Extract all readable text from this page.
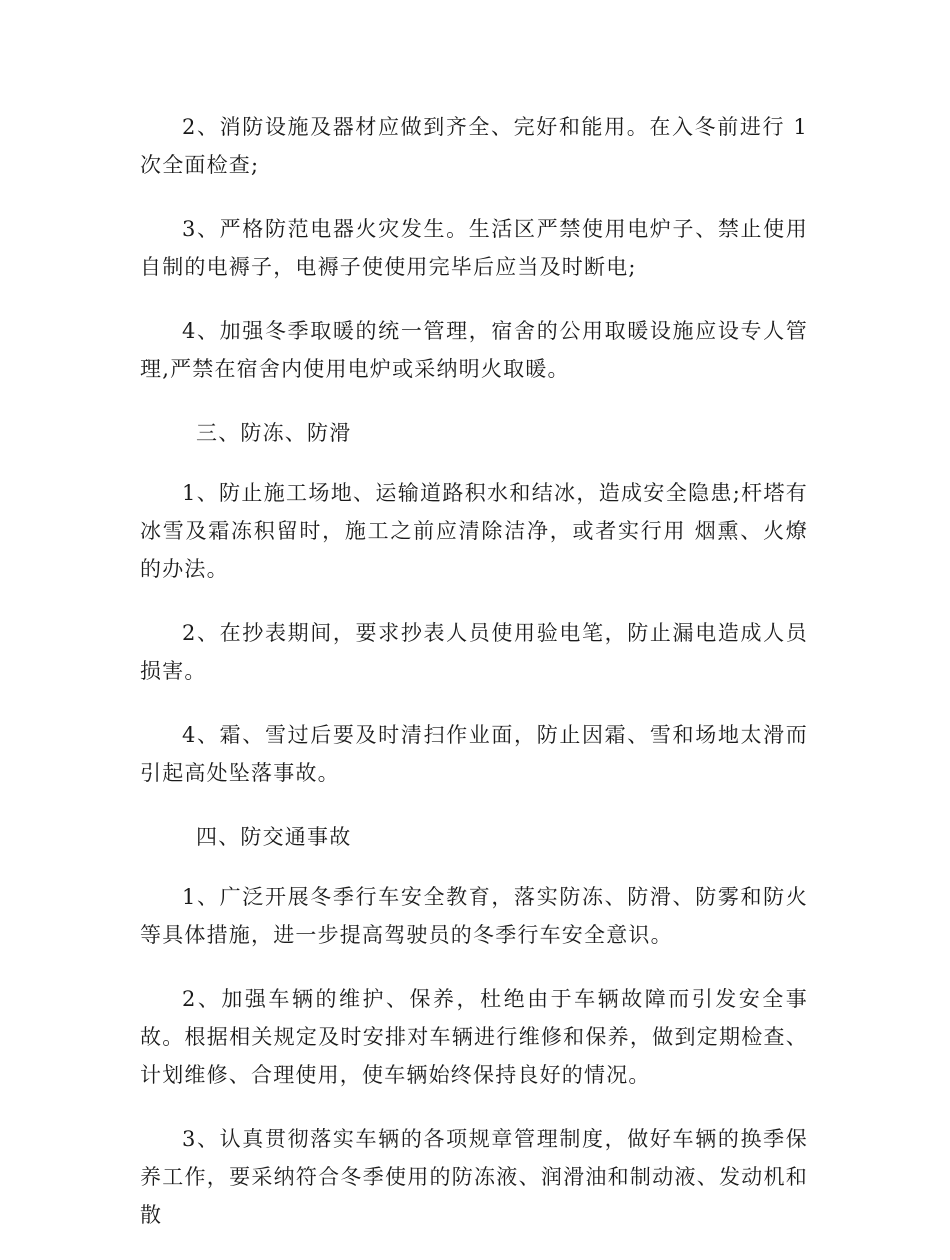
2、消防设施及器材应做到齐全、完好和能用。在入冬前进行 1 次全面检查;

3、严格防范电器火灾发生。生活区严禁使用电炉子、禁止使用自制的电褥子，电褥子使使用完毕后应当及时断电;

4、加强冬季取暖的统一管理，宿舍的公用取暖设施应设专人管理,严禁在宿舍内使用电炉或采纳明火取暖。

三、防冻、防滑

1、防止施工场地、运输道路积水和结冰，造成安全隐患;杆塔有冰雪及霜冻积留时，施工之前应清除洁净，或者实行用 烟熏、火燎的办法。

2、在抄表期间，要求抄表人员使用验电笔，防止漏电造成人员损害。

4、霜、雪过后要及时清扫作业面，防止因霜、雪和场地太滑而引起高处坠落事故。

四、防交通事故

1、广泛开展冬季行车安全教育，落实防冻、防滑、防雾和防火等具体措施，进一步提高驾驶员的冬季行车安全意识。

2、加强车辆的维护、保养，杜绝由于车辆故障而引发安全事故。根据相关规定及时安排对车辆进行维修和保养，做到定期检查、计划维修、合理使用，使车辆始终保持良好的情况。

3、认真贯彻落实车辆的各项规章管理制度，做好车辆的换季保养工作，要采纳符合冬季使用的防冻液、润滑油和制动液、发动机和散
